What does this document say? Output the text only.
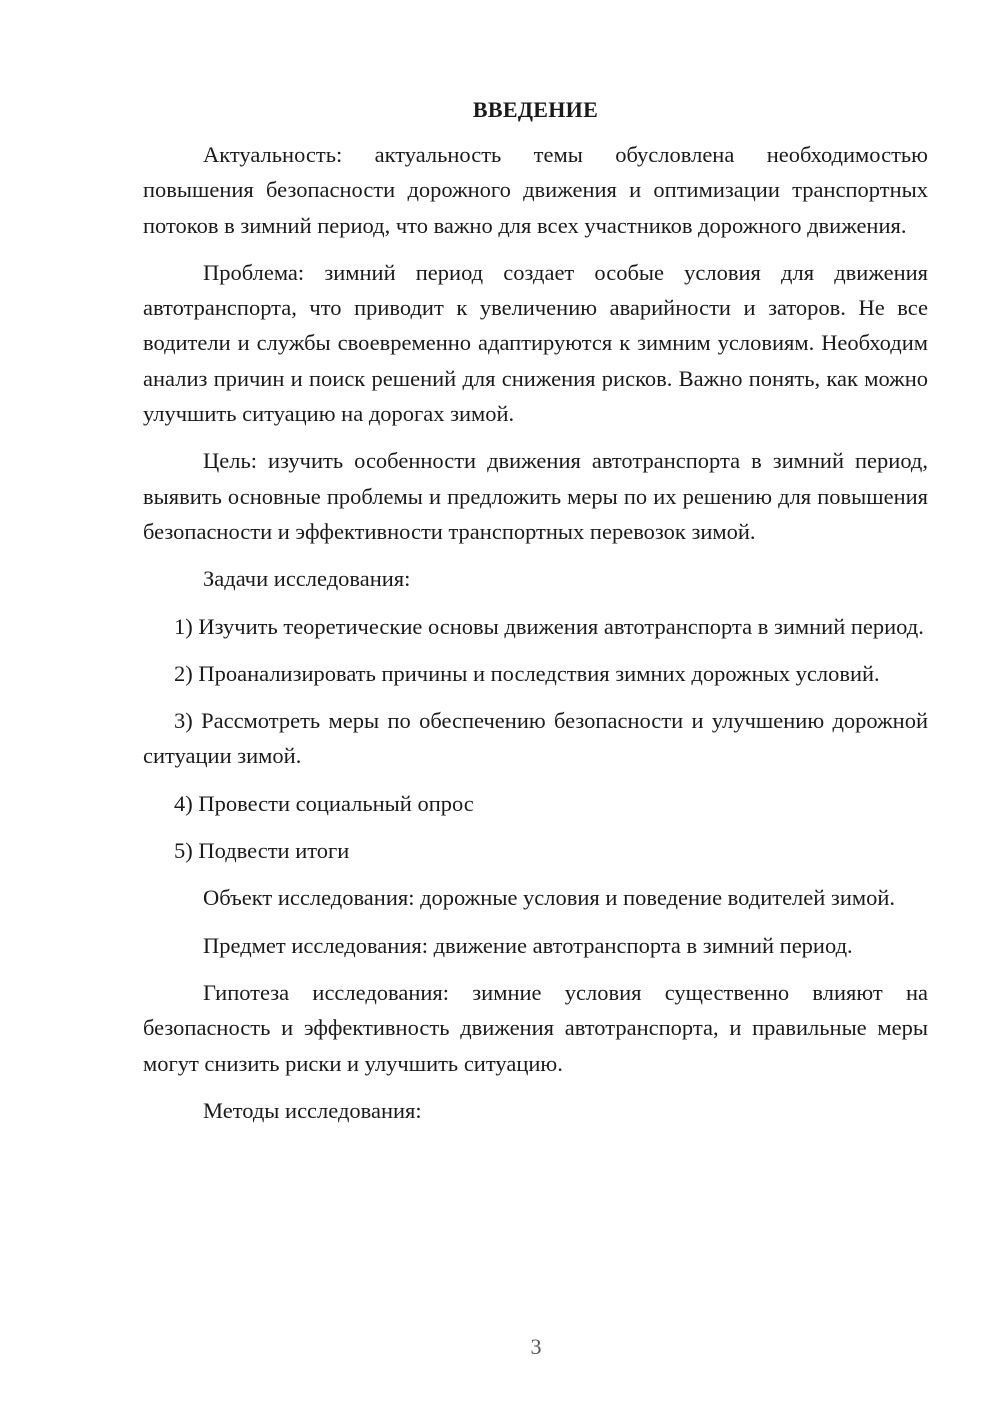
ВВЕДЕНИЕ

Актуальность: актуальность темы обусловлена необходимостью повышения безопасности дорожного движения и оптимизации транспортных потоков в зимний период, что важно для всех участников дорожного движения.

Проблема: зимний период создает особые условия для движения автотранспорта, что приводит к увеличению аварийности и заторов. Не все водители и службы своевременно адаптируются к зимним условиям. Необходим анализ причин и поиск решений для снижения рисков. Важно понять, как можно улучшить ситуацию на дорогах зимой.

Цель: изучить особенности движения автотранспорта в зимний период, выявить основные проблемы и предложить меры по их решению для повышения безопасности и эффективности транспортных перевозок зимой.

Задачи исследования:

1) Изучить теоретические основы движения автотранспорта в зимний период.

2) Проанализировать причины и последствия зимних дорожных условий.

3) Рассмотреть меры по обеспечению безопасности и улучшению дорожной ситуации зимой.

4) Провести социальный опрос

5) Подвести итоги

Объект исследования: дорожные условия и поведение водителей зимой.

Предмет исследования: движение автотранспорта в зимний период.

Гипотеза исследования: зимние условия существенно влияют на безопасность и эффективность движения автотранспорта, и правильные меры могут снизить риски и улучшить ситуацию.

Методы исследования:

3
